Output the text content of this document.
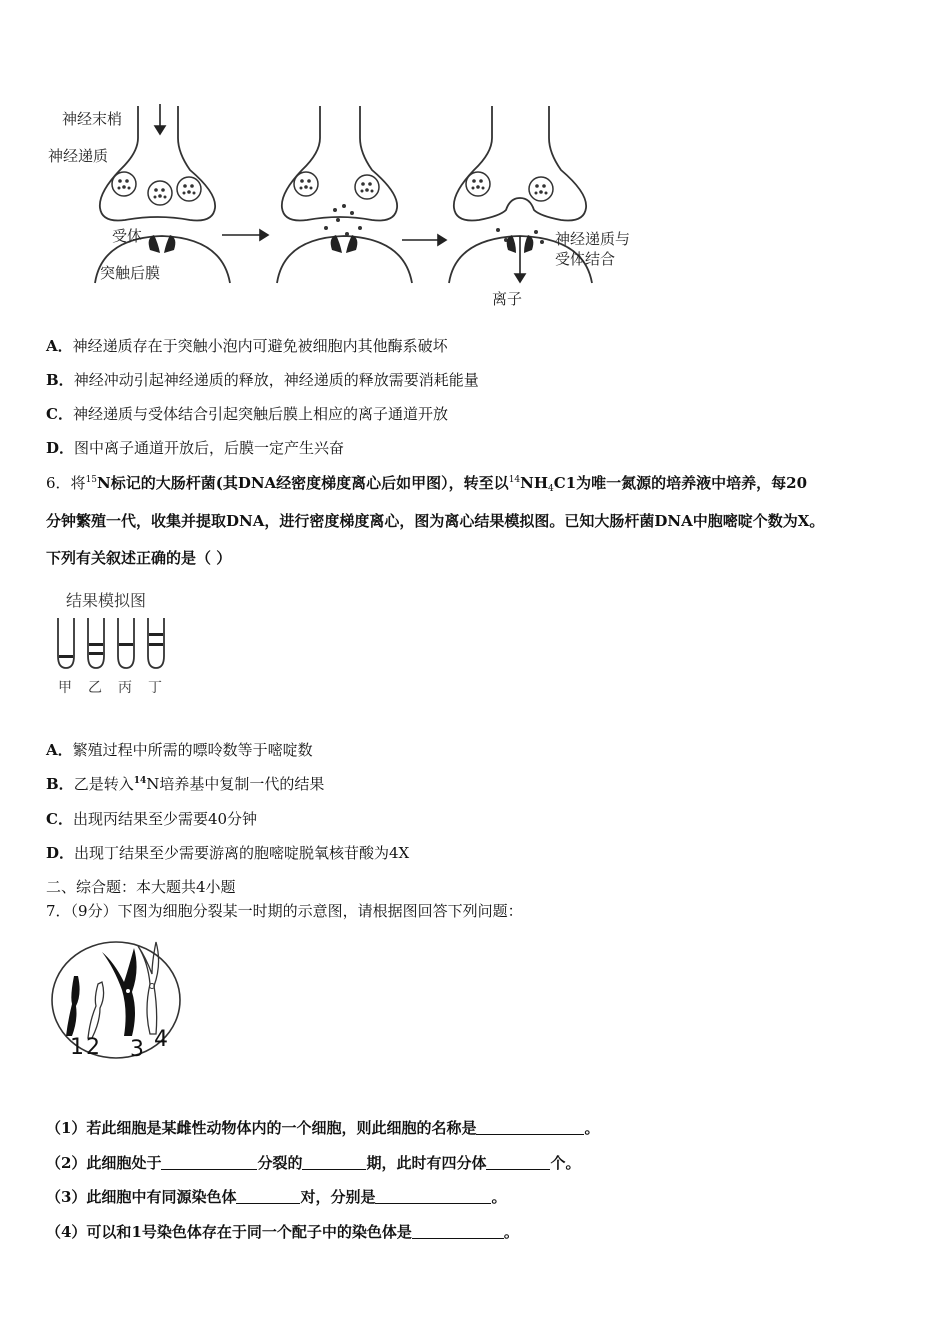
神经末梢
神经递质
受体
突触后膜
神经递质与
受体结合
离子
A．神经递质存在于突触小泡内可避免被细胞内其他酶系破坏
B．神经冲动引起神经递质的释放，神经递质的释放需要消耗能量
C．神经递质与受体结合引起突触后膜上相应的离子通道开放
D．图中离子通道开放后，后膜一定产生兴奋
6．将$^{15}$N标记的大肠杆菌(其DNA经密度梯度离心后如甲图），转至以$^{14}NH_4C1$为唯一氮源的培养液中培养，每20
分钟繁殖一代，收集并提取DNA，进行密度梯度离心，图为离心结果模拟图。已知大肠杆菌DNA中胞嘧啶个数为X。
下列有关叙述正确的是（ ）
结果模拟图
甲 乙 丙 丁
A．繁殖过程中所需的嘌呤数等于嘧啶数
B．乙是转入$^{14}$N培养基中复制一代的结果
C．出现丙结果至少需要40分钟
D．出现丁结果至少需要游离的胞嘧啶脱氧核苷酸为4X
二、综合题：本大题共4小题
7．（9分）下图为细胞分裂某一时期的示意图，请根据图回答下列问题：
1 2 3 4
（1）若此细胞是某雌性动物体内的一个细胞，则此细胞的名称是	。
（2）此细胞处于	分裂的	期，此时有四分体	个。
（3）此细胞中有同源染色体	对，分别是	。
（4）可以和1号染色体存在于同一个配子中的染色体是	。
